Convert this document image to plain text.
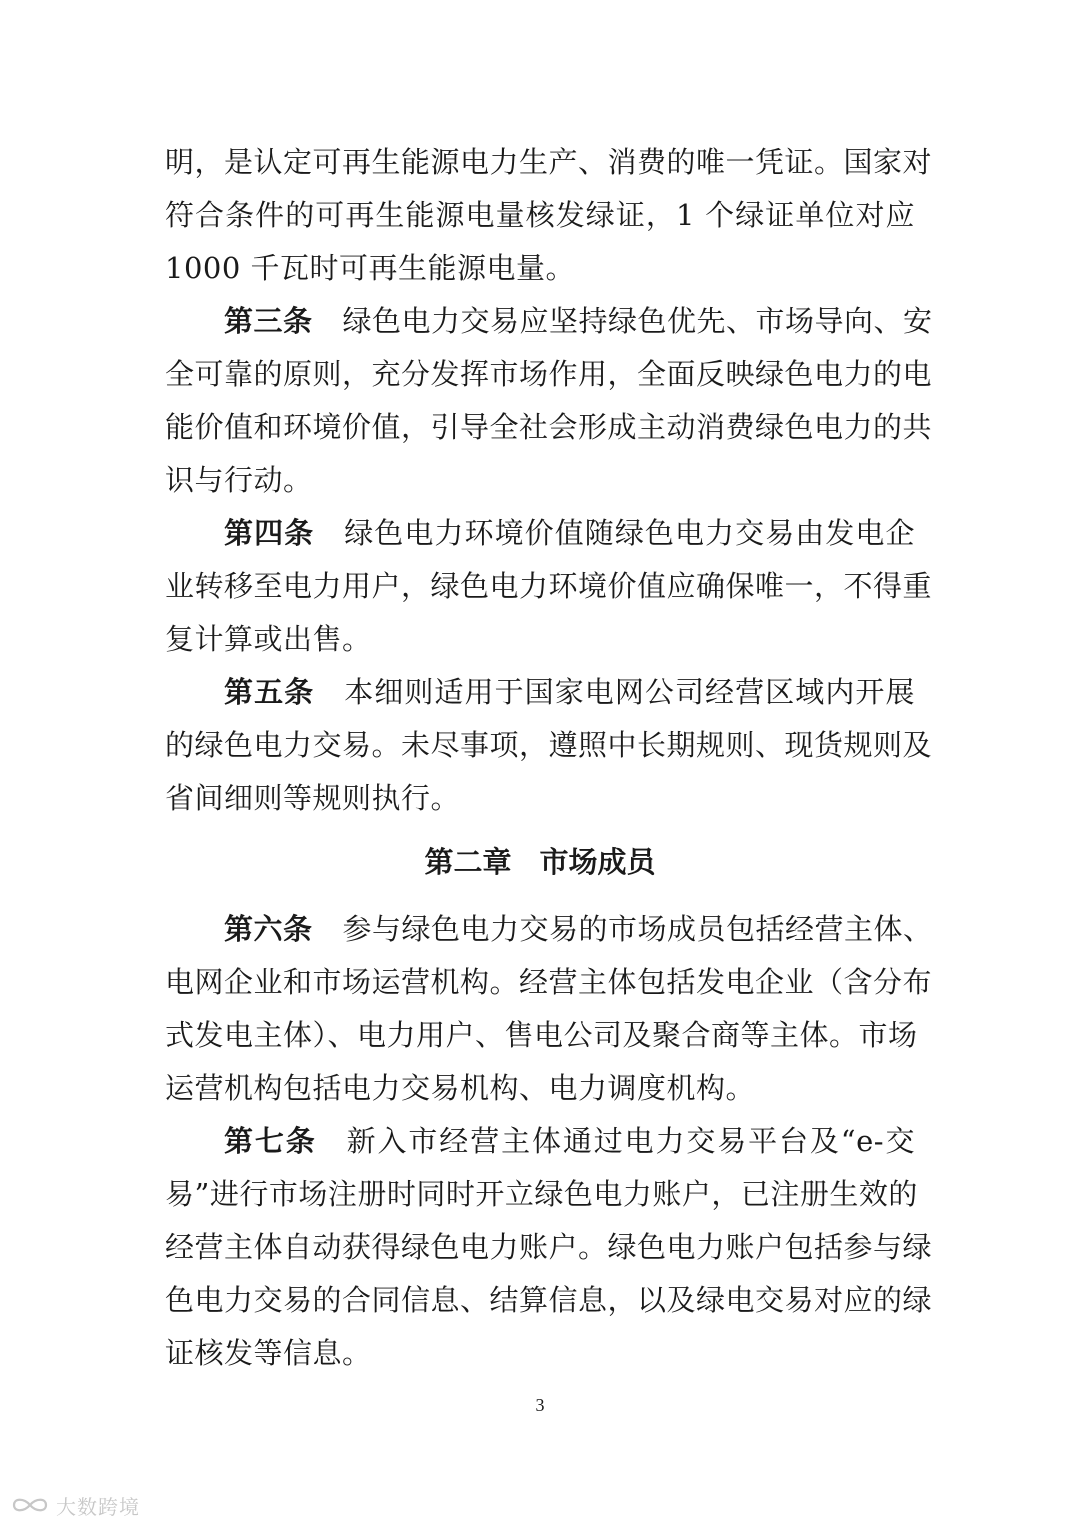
明，是认定可再生能源电力生产、消费的唯一凭证。国家对
符合条件的可再生能源电量核发绿证，1 个绿证单位对应
1000 千瓦时可再生能源电量。
第三条 绿色电力交易应坚持绿色优先、市场导向、安
全可靠的原则，充分发挥市场作用，全面反映绿色电力的电
能价值和环境价值，引导全社会形成主动消费绿色电力的共
识与行动。
第四条 绿色电力环境价值随绿色电力交易由发电企
业转移至电力用户，绿色电力环境价值应确保唯一，不得重
复计算或出售。
第五条 本细则适用于国家电网公司经营区域内开展
的绿色电力交易。未尽事项，遵照中长期规则、现货规则及
省间细则等规则执行。
第二章 市场成员
第六条 参与绿色电力交易的市场成员包括经营主体、
电网企业和市场运营机构。经营主体包括发电企业（含分布
式发电主体）、电力用户、售电公司及聚合商等主体。市场
运营机构包括电力交易机构、电力调度机构。
第七条 新入市经营主体通过电力交易平台及“e-交
易”进行市场注册时同时开立绿色电力账户，已注册生效的
经营主体自动获得绿色电力账户。绿色电力账户包括参与绿
色电力交易的合同信息、结算信息，以及绿电交易对应的绿
证核发等信息。
3
大数跨境
